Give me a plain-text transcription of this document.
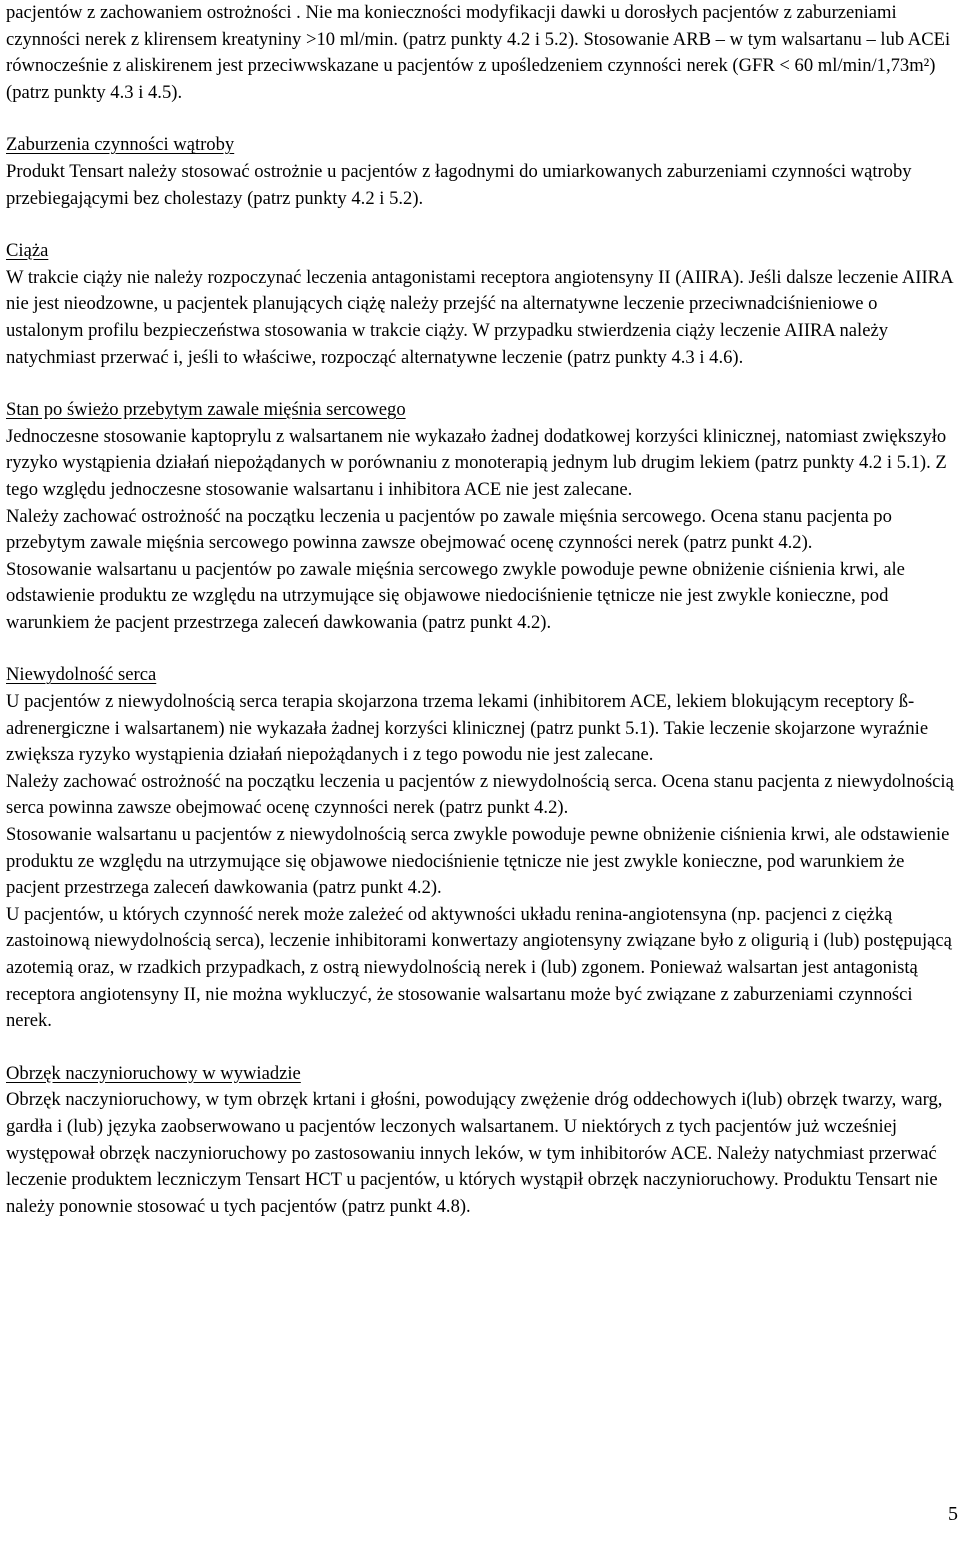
pacjentów z zachowaniem ostrożności . Nie ma konieczności modyfikacji dawki u dorosłych pacjentów z zaburzeniami czynności nerek z klirensem kreatyniny >10 ml/min. (patrz punkty 4.2 i 5.2). Stosowanie ARB – w tym walsartanu – lub ACEi równocześnie z aliskirenem jest przeciwwskazane u pacjentów z upośledzeniem czynności nerek (GFR < 60 ml/min/1,73m²) (patrz punkty 4.3 i 4.5).

Zaburzenia czynności wątroby

Produkt Tensart należy stosować ostrożnie u pacjentów z łagodnymi do umiarkowanych zaburzeniami czynności wątroby przebiegającymi bez cholestazy (patrz punkty 4.2 i 5.2).

Ciąża

W trakcie ciąży nie należy rozpoczynać leczenia antagonistami receptora angiotensyny II (AIIRA). Jeśli dalsze leczenie AIIRA nie jest nieodzowne, u pacjentek planujących ciążę należy przejść na alternatywne leczenie przeciwnadciśnieniowe o ustalonym profilu bezpieczeństwa stosowania w trakcie ciąży. W przypadku stwierdzenia ciąży leczenie AIIRA należy natychmiast przerwać i, jeśli to właściwe, rozpocząć alternatywne leczenie (patrz punkty 4.3 i 4.6).

Stan po świeżo przebytym zawale mięśnia sercowego

Jednoczesne stosowanie kaptoprylu z walsartanem nie wykazało żadnej dodatkowej korzyści klinicznej, natomiast zwiększyło ryzyko wystąpienia działań niepożądanych w porównaniu z monoterapią jednym lub drugim lekiem (patrz punkty 4.2 i 5.1). Z tego względu jednoczesne stosowanie walsartanu i inhibitora ACE nie jest zalecane.

Należy zachować ostrożność na początku leczenia u pacjentów po zawale mięśnia sercowego. Ocena stanu pacjenta po przebytym zawale mięśnia sercowego powinna zawsze obejmować ocenę czynności nerek (patrz punkt 4.2).

Stosowanie walsartanu u pacjentów po zawale mięśnia sercowego zwykle powoduje pewne obniżenie ciśnienia krwi, ale odstawienie produktu ze względu na utrzymujące się objawowe niedociśnienie tętnicze nie jest zwykle konieczne, pod warunkiem że pacjent przestrzega zaleceń dawkowania (patrz punkt 4.2).

Niewydolność serca

U pacjentów z niewydolnością serca terapia skojarzona trzema lekami (inhibitorem ACE, lekiem blokującym receptory ß-adrenergiczne i walsartanem) nie wykazała żadnej korzyści klinicznej (patrz punkt 5.1). Takie leczenie skojarzone wyraźnie zwiększa ryzyko wystąpienia działań niepożądanych i z tego powodu nie jest zalecane.

Należy zachować ostrożność na początku leczenia u pacjentów z niewydolnością serca. Ocena stanu pacjenta z niewydolnością serca powinna zawsze obejmować ocenę czynności nerek (patrz punkt 4.2).

Stosowanie walsartanu u pacjentów z niewydolnością serca zwykle powoduje pewne obniżenie ciśnienia krwi, ale odstawienie produktu ze względu na utrzymujące się objawowe niedociśnienie tętnicze nie jest zwykle konieczne, pod warunkiem że pacjent przestrzega zaleceń dawkowania (patrz punkt 4.2).

U pacjentów, u których czynność nerek może zależeć od aktywności układu renina-angiotensyna (np. pacjenci z ciężką zastoinową niewydolnością serca), leczenie inhibitorami konwertazy angiotensyny związane było z oligurią i (lub) postępującą azotemią oraz, w rzadkich przypadkach, z ostrą niewydolnością nerek i (lub) zgonem. Ponieważ walsartan jest antagonistą receptora angiotensyny II, nie można wykluczyć, że stosowanie walsartanu może być związane z zaburzeniami czynności nerek.

Obrzęk naczynioruchowy w wywiadzie

Obrzęk naczynioruchowy, w tym obrzęk krtani i głośni, powodujący zwężenie dróg oddechowych i(lub) obrzęk twarzy, warg, gardła i (lub) języka zaobserwowano u pacjentów leczonych walsartanem. U niektórych z tych pacjentów już wcześniej występował obrzęk naczynioruchowy po zastosowaniu innych leków, w tym inhibitorów ACE. Należy natychmiast przerwać leczenie produktem leczniczym Tensart HCT u pacjentów, u których wystąpił obrzęk naczynioruchowy. Produktu Tensart nie należy ponownie stosować u tych pacjentów (patrz punkt 4.8).

5
